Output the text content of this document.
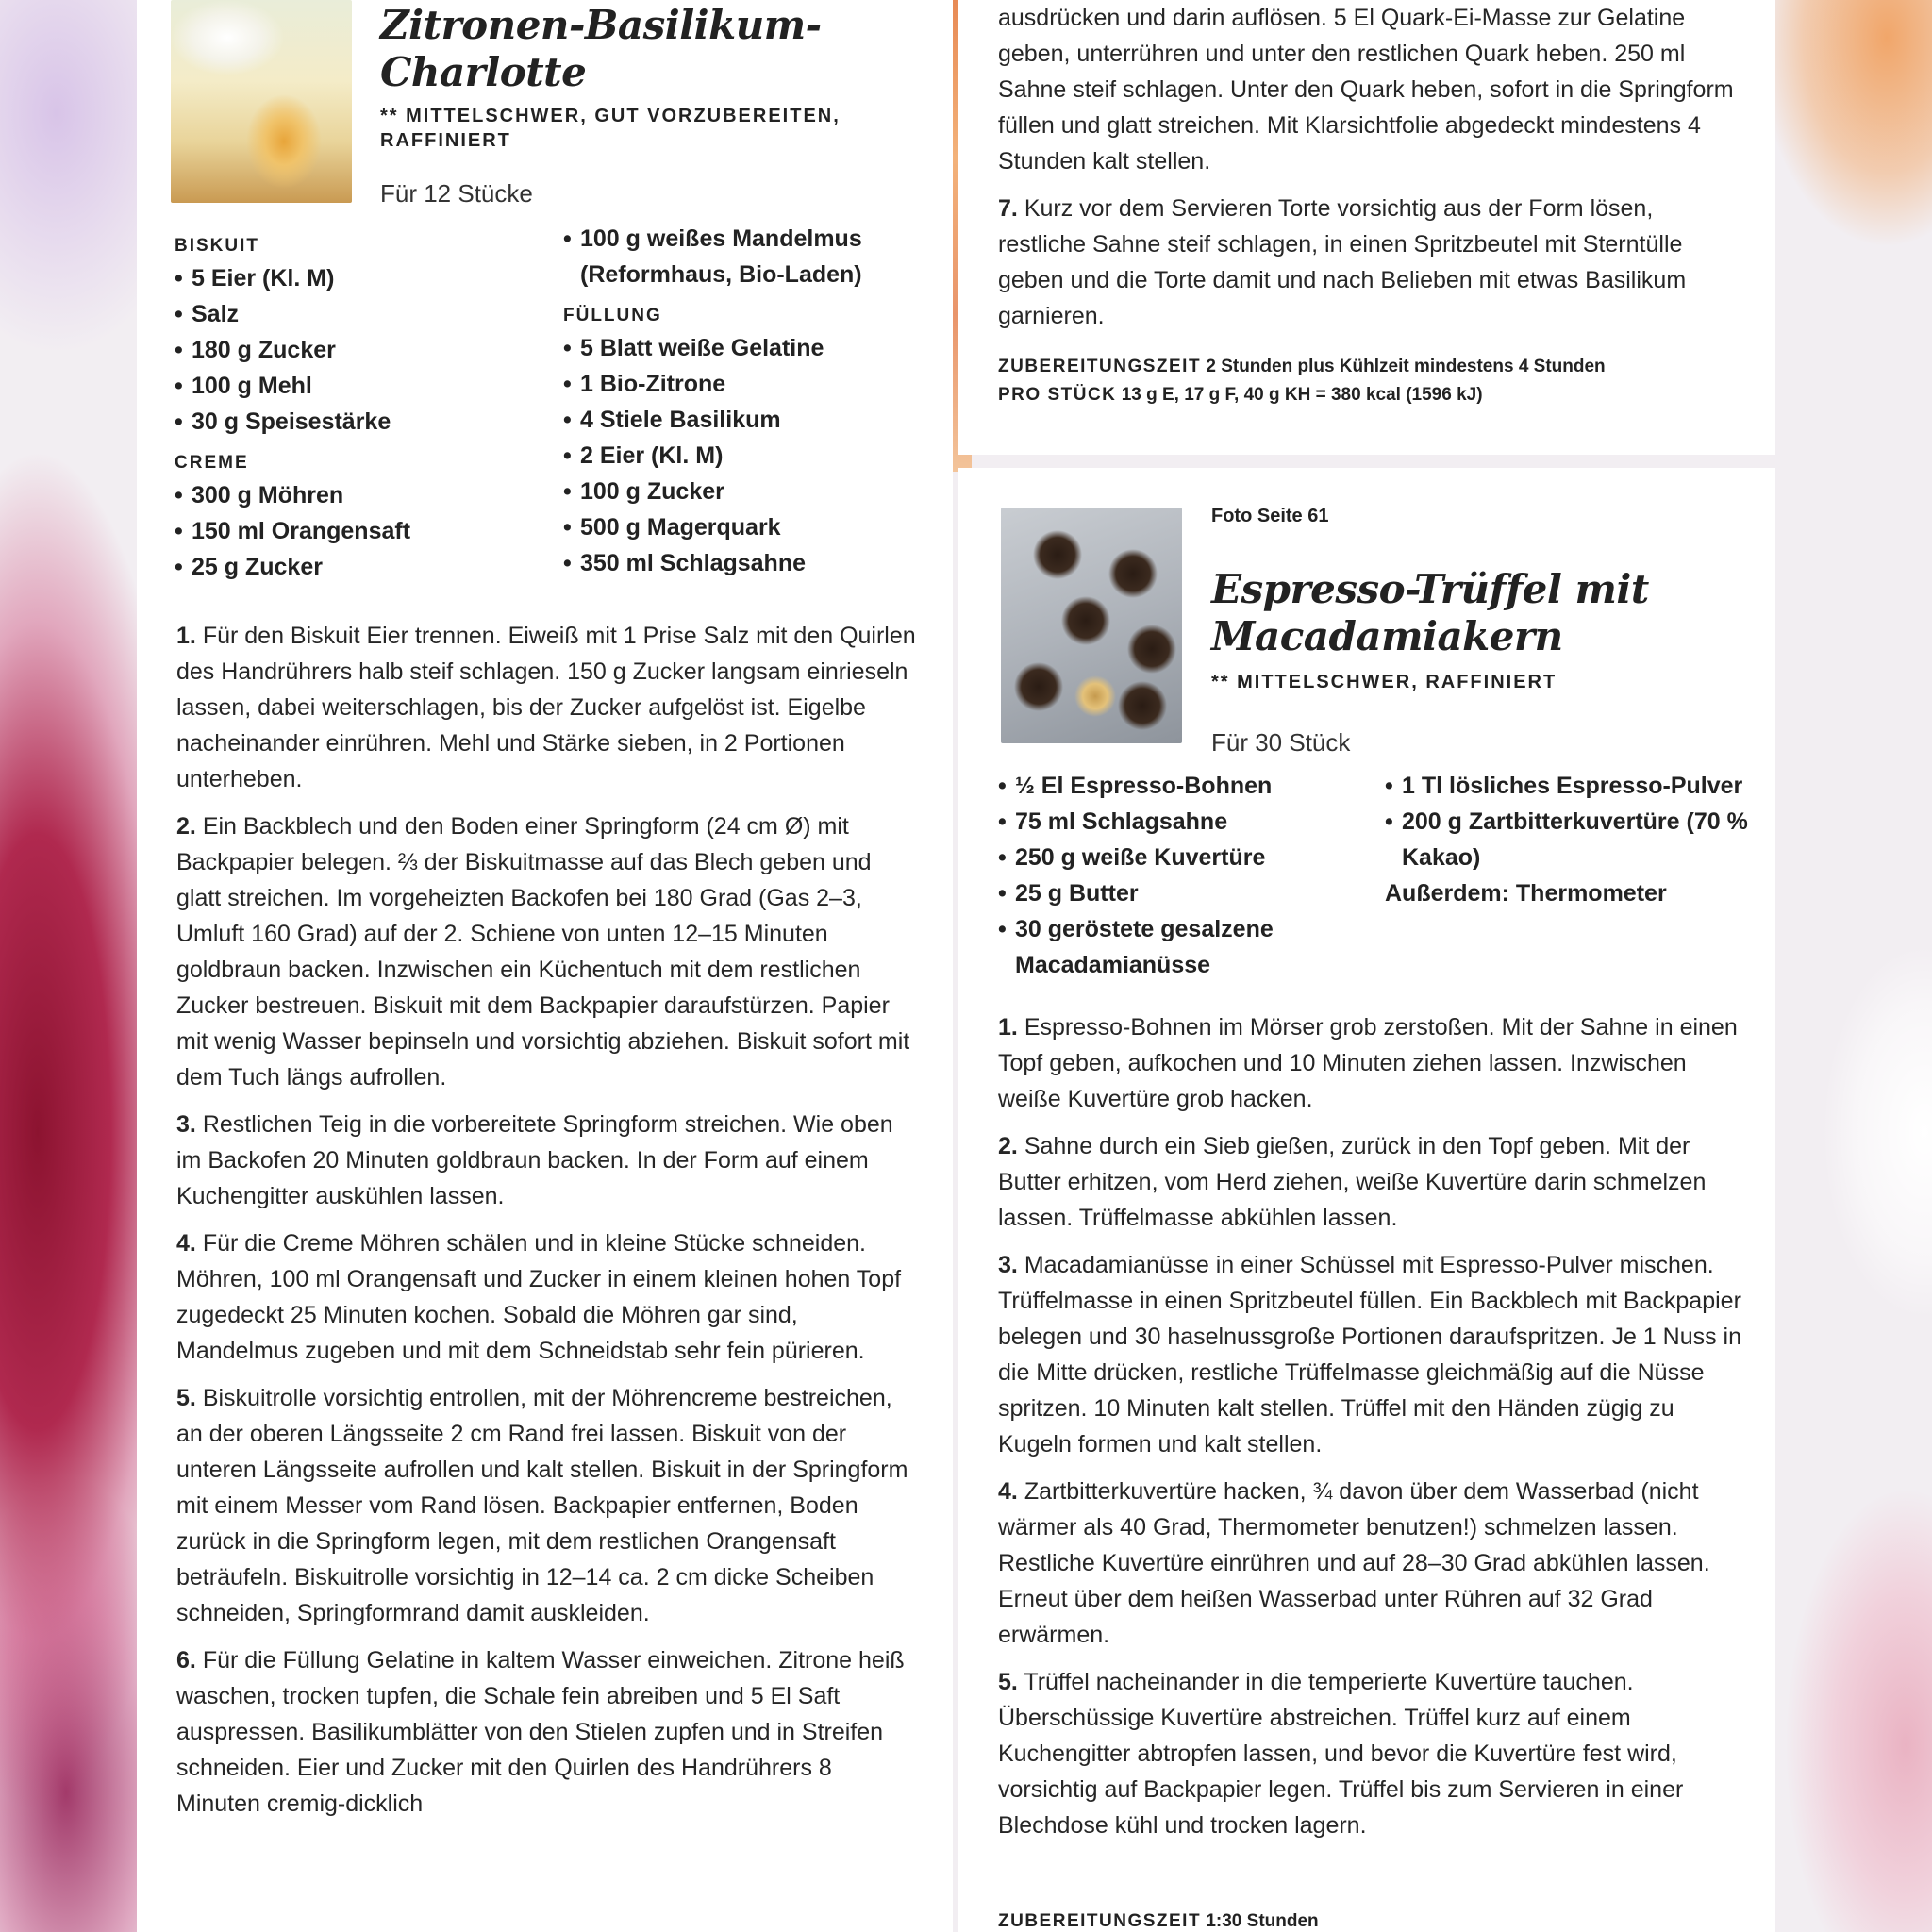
Zitronen-Basilikum-Charlotte
** MITTELSCHWER, GUT VORZUBEREITEN, RAFFINIERT
Für 12 Stücke
BISKUIT
• 5 Eier (Kl. M)
• Salz
• 180 g Zucker
• 100 g Mehl
• 30 g Speisestärke
CREME
• 300 g Möhren
• 150 ml Orangensaft
• 25 g Zucker
• 100 g weißes Mandelmus (Reformhaus, Bio-Laden)
FÜLLUNG
• 5 Blatt weiße Gelatine
• 1 Bio-Zitrone
• 4 Stiele Basilikum
• 2 Eier (Kl. M)
• 100 g Zucker
• 500 g Magerquark
• 350 ml Schlagsahne

1. Für den Biskuit Eier trennen. Eiweiß mit 1 Prise Salz mit den Quirlen des Handrührers halb steif schlagen. 150 g Zucker langsam einrieseln lassen, dabei weiterschlagen, bis der Zucker aufgelöst ist. Eigelbe nacheinander einrühren. Mehl und Stärke sieben, in 2 Portionen unterheben.

2. Ein Backblech und den Boden einer Springform (24 cm Ø) mit Backpapier belegen. ⅔ der Biskuitmasse auf das Blech geben und glatt streichen. Im vorgeheizten Backofen bei 180 Grad (Gas 2–3, Umluft 160 Grad) auf der 2. Schiene von unten 12–15 Minuten goldbraun backen. Inzwischen ein Küchentuch mit dem restlichen Zucker bestreuen. Biskuit mit dem Backpapier daraufstürzen. Papier mit wenig Wasser bepinseln und vorsichtig abziehen. Biskuit sofort mit dem Tuch längs aufrollen.

3. Restlichen Teig in die vorbereitete Springform streichen. Wie oben im Backofen 20 Minuten goldbraun backen. In der Form auf einem Kuchengitter auskühlen lassen.

4. Für die Creme Möhren schälen und in kleine Stücke schneiden. Möhren, 100 ml Orangensaft und Zucker in einem kleinen hohen Topf zugedeckt 25 Minuten kochen. Sobald die Möhren gar sind, Mandelmus zugeben und mit dem Schneidstab sehr fein pürieren.

5. Biskuitrolle vorsichtig entrollen, mit der Möhrencreme bestreichen, an der oberen Längsseite 2 cm Rand frei lassen. Biskuit von der unteren Längsseite aufrollen und kalt stellen. Biskuit in der Springform mit einem Messer vom Rand lösen. Backpapier entfernen, Boden zurück in die Springform legen, mit dem restlichen Orangensaft beträufeln. Biskuitrolle vorsichtig in 12–14 ca. 2 cm dicke Scheiben schneiden, Springformrand damit auskleiden.

6. Für die Füllung Gelatine in kaltem Wasser einweichen. Zitrone heiß waschen, trocken tupfen, die Schale fein abreiben und 5 El Saft auspressen. Basilikumblätter von den Stielen zupfen und in Streifen schneiden. Eier und Zucker mit den Quirlen des Handrührers 8 Minuten cremig-dicklich

ausdrücken und darin auflösen. 5 El Quark-Ei-Masse zur Gelatine geben, unterrühren und unter den restlichen Quark heben. 250 ml Sahne steif schlagen. Unter den Quark heben, sofort in die Springform füllen und glatt streichen. Mit Klarsichtfolie abgedeckt mindestens 4 Stunden kalt stellen.

7. Kurz vor dem Servieren Torte vorsichtig aus der Form lösen, restliche Sahne steif schlagen, in einen Spritzbeutel mit Sterntülle geben und die Torte damit und nach Belieben mit etwas Basilikum garnieren.

ZUBEREITUNGSZEIT 2 Stunden plus Kühlzeit mindestens 4 Stunden
PRO STÜCK 13 g E, 17 g F, 40 g KH = 380 kcal (1596 kJ)
Foto Seite 61
Espresso-Trüffel mit Macadamiakern
** MITTELSCHWER, RAFFINIERT
Für 30 Stück
• ½ El Espresso-Bohnen
• 75 ml Schlagsahne
• 250 g weiße Kuvertüre
• 25 g Butter
• 30 geröstete gesalzene Macadamianüsse
• 1 Tl lösliches Espresso-Pulver
• 200 g Zartbitterkuvertüre (70 % Kakao)
Außerdem: Thermometer

1. Espresso-Bohnen im Mörser grob zerstoßen. Mit der Sahne in einen Topf geben, aufkochen und 10 Minuten ziehen lassen. Inzwischen weiße Kuvertüre grob hacken.

2. Sahne durch ein Sieb gießen, zurück in den Topf geben. Mit der Butter erhitzen, vom Herd ziehen, weiße Kuvertüre darin schmelzen lassen. Trüffelmasse abkühlen lassen.

3. Macadamianüsse in einer Schüssel mit Espresso-Pulver mischen. Trüffelmasse in einen Spritzbeutel füllen. Ein Backblech mit Backpapier belegen und 30 haselnussgroße Portionen daraufspritzen. Je 1 Nuss in die Mitte drücken, restliche Trüffelmasse gleichmäßig auf die Nüsse spritzen. 10 Minuten kalt stellen. Trüffel mit den Händen zügig zu Kugeln formen und kalt stellen.

4. Zartbitterkuvertüre hacken, ¾ davon über dem Wasserbad (nicht wärmer als 40 Grad, Thermometer benutzen!) schmelzen lassen. Restliche Kuvertüre einrühren und auf 28–30 Grad abkühlen lassen. Erneut über dem heißen Wasserbad unter Rühren auf 32 Grad erwärmen.

5. Trüffel nacheinander in die temperierte Kuvertüre tauchen. Überschüssige Kuvertüre abstreichen. Trüffel kurz auf einem Kuchengitter abtropfen lassen, und bevor die Kuvertüre fest wird, vorsichtig auf Backpapier legen. Trüffel bis zum Servieren in einer Blechdose kühl und trocken lagern.

ZUBEREITUNGSZEIT 1:30 Stunden
